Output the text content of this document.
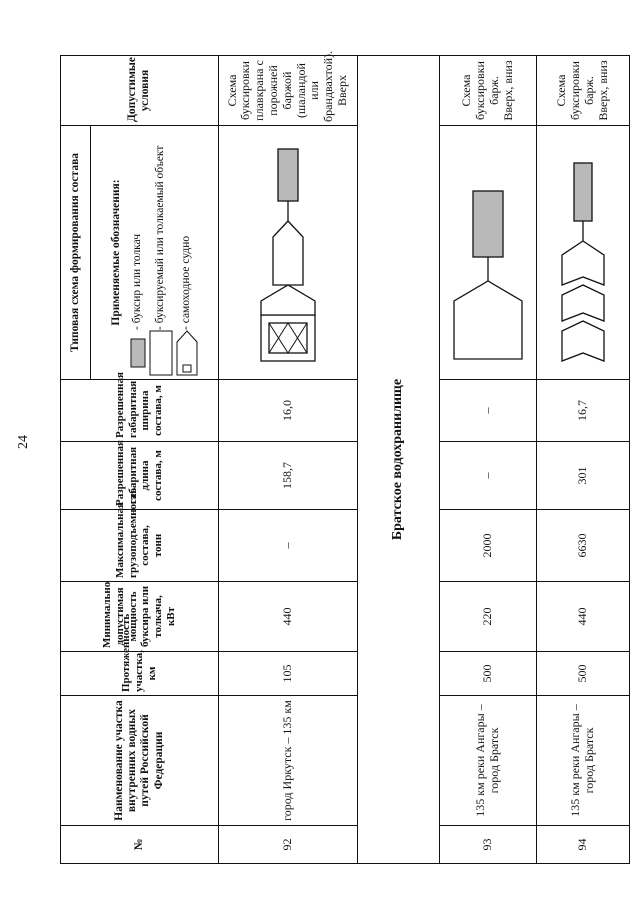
24
№	Наименование участка внутренних водных путей Российской Федерации	Протяженность участка, км	Минимально допустимая мощность буксира или толкача, кВт	Максимальная грузоподъемность состава, тонн	Разрешенная габаритная длина состава, м	Разрешенная габаритная ширина состава, м	Типовая схема формирования состава	Допустимые условия

							Применяемые обозначения: - буксир или толкач - буксируемый или толкаемый объект - самоходное судно	

92	город Иркутск – 135 км	105	440	–	158,7	16,0		Схема буксировки плавкрана с порожней баржой (шаландой или брандвахтой). Вверх
Братское водохранилище								
93	135 км реки Ангары – город Братск	500	220	2000	–	–		Схема буксировки барж. Вверх, вниз
94	135 км реки Ангары – город Братск	500	440	6630	301	16,7		Схема буксировки барж. Вверх, вниз
